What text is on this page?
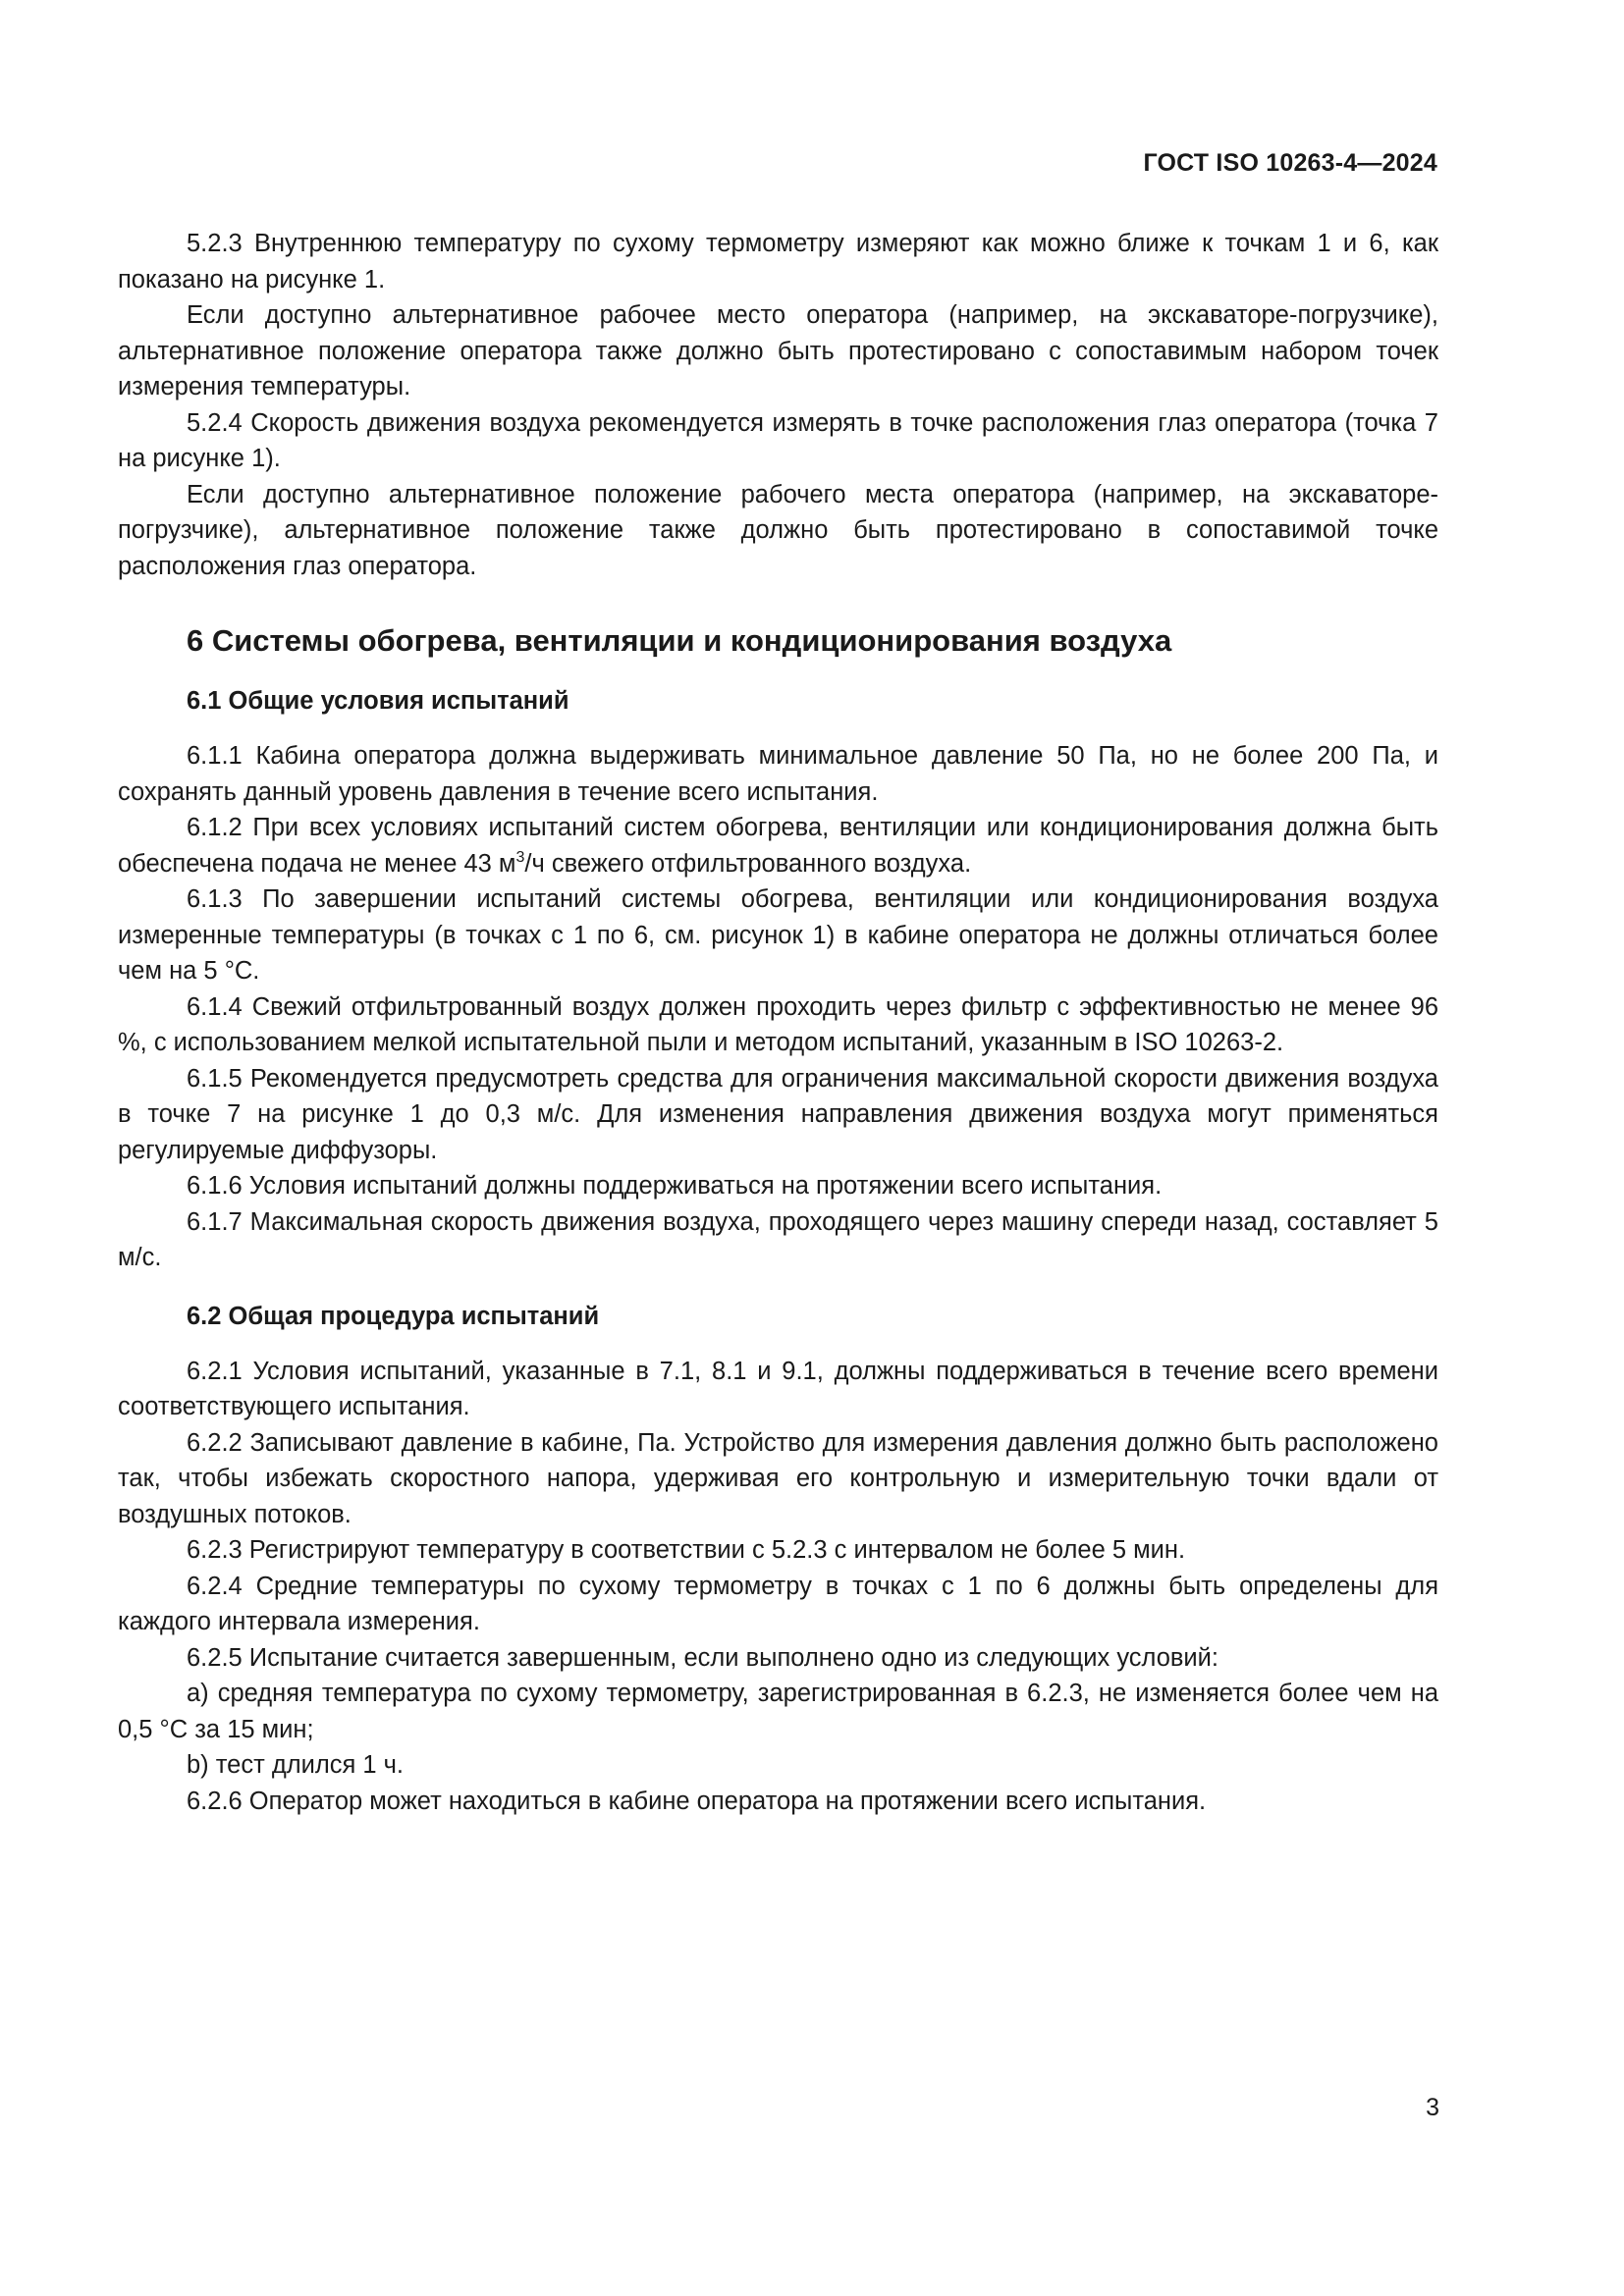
ГОСТ ISO 10263-4—2024

5.2.3 Внутреннюю температуру по сухому термометру измеряют как можно ближе к точкам 1 и 6, как показано на рисунке 1.

Если доступно альтернативное рабочее место оператора (например, на экскаваторе-погрузчике), альтернативное положение оператора также должно быть протестировано с сопоставимым набором точек измерения температуры.

5.2.4 Скорость движения воздуха рекомендуется измерять в точке расположения глаз оператора (точка 7 на рисунке 1).

Если доступно альтернативное положение рабочего места оператора (например, на экскаваторе-погрузчике), альтернативное положение также должно быть протестировано в сопоставимой точке расположения глаз оператора.

6 Системы обогрева, вентиляции и кондиционирования воздуха
6.1 Общие условия испытаний

6.1.1 Кабина оператора должна выдерживать минимальное давление 50 Па, но не более 200 Па, и сохранять данный уровень давления в течение всего испытания.

6.1.2 При всех условиях испытаний систем обогрева, вентиляции или кондиционирования должна быть обеспечена подача не менее 43 $м^3/ч$ свежего отфильтрованного воздуха.

6.1.3 По завершении испытаний системы обогрева, вентиляции или кондиционирования воздуха измеренные температуры (в точках с 1 по 6, см. рисунок 1) в кабине оператора не должны отличаться более чем на 5 °С.

6.1.4 Свежий отфильтрованный воздух должен проходить через фильтр с эффективностью не менее 96 %, с использованием мелкой испытательной пыли и методом испытаний, указанным в ISO 10263-2.

6.1.5 Рекомендуется предусмотреть средства для ограничения максимальной скорости движения воздуха в точке 7 на рисунке 1 до 0,3 м/с. Для изменения направления движения воздуха могут применяться регулируемые диффузоры.

6.1.6 Условия испытаний должны поддерживаться на протяжении всего испытания.

6.1.7 Максимальная скорость движения воздуха, проходящего через машину спереди назад, составляет 5 м/с.

6.2 Общая процедура испытаний

6.2.1 Условия испытаний, указанные в 7.1, 8.1 и 9.1, должны поддерживаться в течение всего времени соответствующего испытания.

6.2.2 Записывают давление в кабине, Па. Устройство для измерения давления должно быть расположено так, чтобы избежать скоростного напора, удерживая его контрольную и измерительную точки вдали от воздушных потоков.

6.2.3 Регистрируют температуру в соответствии с 5.2.3 с интервалом не более 5 мин.

6.2.4 Средние температуры по сухому термометру в точках с 1 по 6 должны быть определены для каждого интервала измерения.

6.2.5 Испытание считается завершенным, если выполнено одно из следующих условий:

а) средняя температура по сухому термометру, зарегистрированная в 6.2.3, не изменяется более чем на 0,5 °С за 15 мин;

b) тест длился 1 ч.

6.2.6 Оператор может находиться в кабине оператора на протяжении всего испытания.

3
